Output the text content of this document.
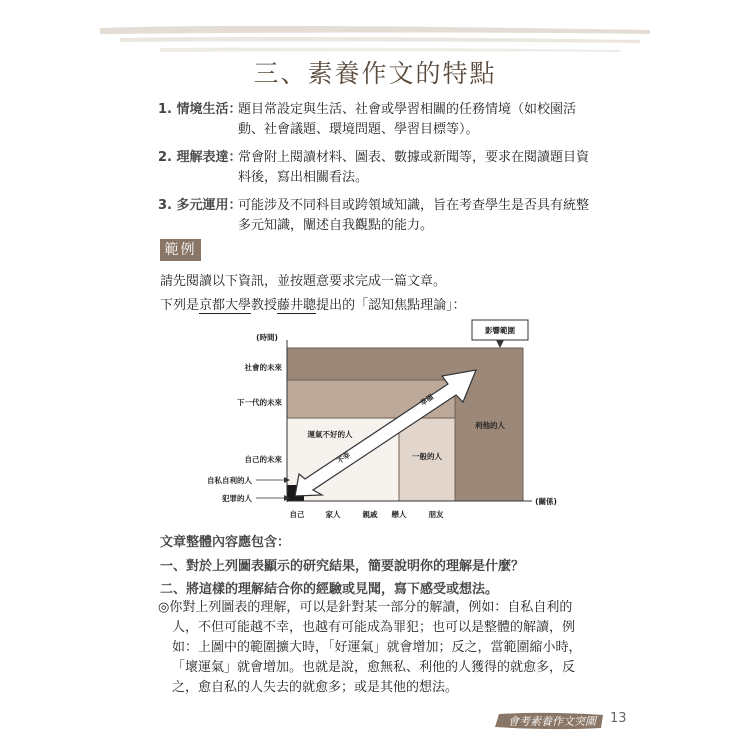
三、素養作文的特點
1. 情境生活：
題目常設定與生活、社會或學習相關的任務情境（如校園活
動、社會議題、環境問題、學習目標等）。
2. 理解表達：
常會附上閱讀材料、圖表、數據或新聞等，要求在閱讀題目資
料後，寫出相關看法。
3. 多元運用：
可能涉及不同科目或跨領域知識，旨在考查學生是否具有統整
多元知識，闡述自我觀點的能力。
範例
請先閱讀以下資訊，並按題意要求完成一篇文章。
下列是京都大學教授藤井聰提出的「認知焦點理論」：
影響範圍
(時間)
(關係)
社會的未來
下一代的未來
自己的未來
自私自利的人
犯罪的人
自己	家人	親戚 戀人	朋友
利他的人
運氣不好的人
一般的人
幸福
不幸
文章整體內容應包含：
一、對於上列圖表顯示的研究結果，簡要說明你的理解是什麼？
二、將這樣的理解結合你的經驗或見聞，寫下感受或想法。
◎你對上列圖表的理解，可以是針對某一部分的解讀，例如：自私自利的
人，不但可能越不幸，也越有可能成為罪犯；也可以是整體的解讀，例
如：上圖中的範圍擴大時，「好運氣」就會增加；反之，當範圍縮小時，
「壞運氣」就會增加。也就是說，愈無私、利他的人獲得的就愈多，反
之，愈自私的人失去的就愈多；或是其他的想法。
會考素養作文突圍 13
